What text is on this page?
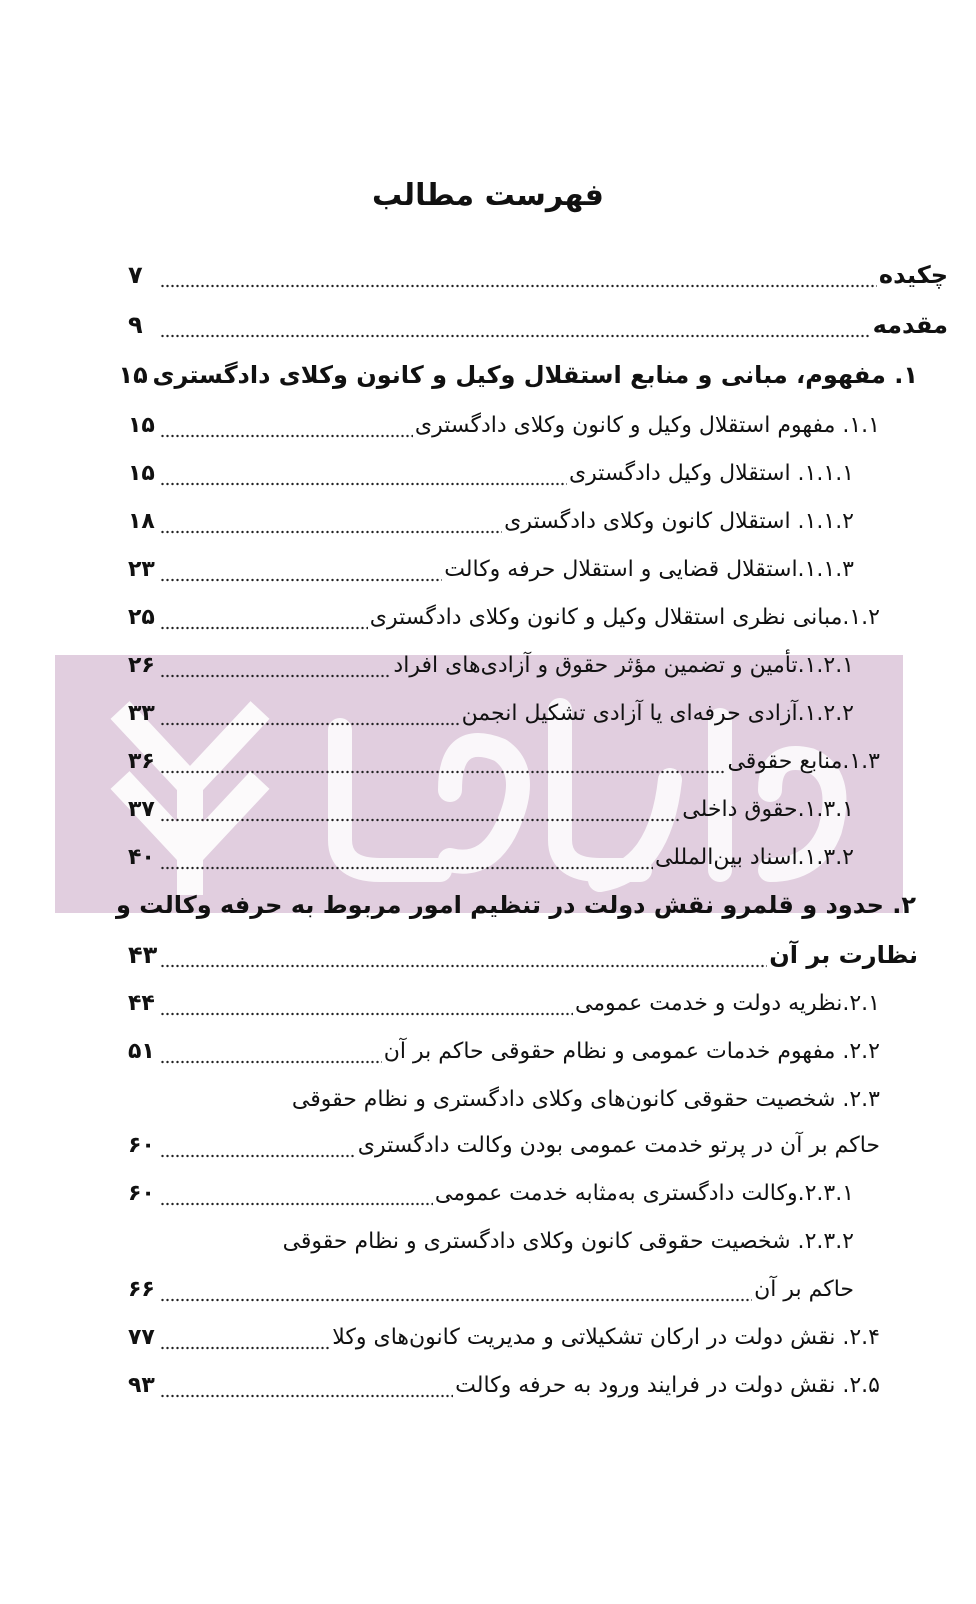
فهرست مطالب
چکیده
۷
مقدمه
۹
۱. مفهوم، مبانی و منابع استقلال وکیل و کانون وکلای دادگستری
۱۵
۱.۱. مفهوم استقلال وکیل و کانون وکلای دادگستری
۱۵
۱.۱.۱. استقلال وکیل دادگستری
۱۵
۱.۱.۲. استقلال کانون وکلای دادگستری
۱۸
۱.۱.۳.استقلال قضایی و استقلال حرفه وکالت
۲۳
۱.۲.مبانی نظری استقلال وکیل و کانون وکلای دادگستری
۲۵
۱.۲.۱.تأمین و تضمین مؤثر حقوق و آزادی‌های افراد
۲۶
۱.۲.۲.آزادی حرفه‌ای یا آزادی تشکیل انجمن
۳۳
۱.۳.منابع حقوقی
۳۶
۱.۳.۱.حقوق داخلی
۳۷
۱.۳.۲.اسناد بین‌المللی
۴۰
۲. حدود و قلمرو نقش دولت در تنظیم امور مربوط به حرفه وکالت و
نظارت بر آن
۴۳
۲.۱.نظریه دولت و خدمت عمومی
۴۴
۲.۲. مفهوم خدمات عمومی و نظام حقوقی حاکم بر آن
۵۱
۲.۳. شخصیت حقوقی کانون‌های وکلای دادگستری و نظام حقوقی
حاکم بر آن در پرتو خدمت عمومی بودن وکالت دادگستری
۶۰
۲.۳.۱.وکالت دادگستری به‌مثابه خدمت عمومی
۶۰
۲.۳.۲. شخصیت حقوقی کانون وکلای دادگستری و نظام حقوقی
حاکم بر آن
۶۶
۲.۴. نقش دولت در ارکان تشکیلاتی و مدیریت کانون‌های وکلا
۷۷
۲.۵. نقش دولت در فرایند ورود به حرفه وکالت
۹۳
